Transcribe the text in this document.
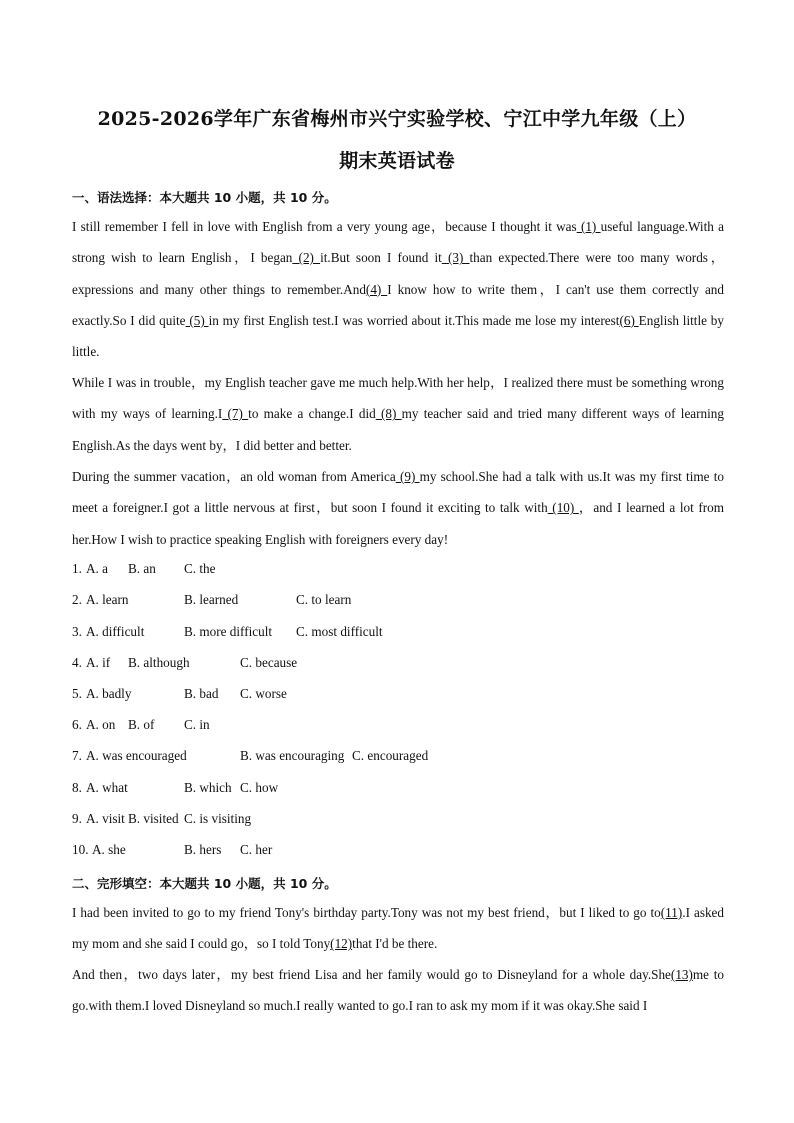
2025-2026学年广东省梅州市兴宁实验学校、宁江中学九年级（上）
期末英语试卷
一、语法选择：本大题共 10 小题，共 10 分。
I still remember I fell in love with English from a very young age，because I thought it was (1) useful language.With a strong wish to learn English，I began (2) it.But soon I found it (3) than expected.There were too many words，expressions and many other things to remember.And(4) I know how to write them，I can't use them correctly and exactly.So I did quite (5) in my first English test.I was worried about it.This made me lose my interest(6) English little by little.
While I was in trouble，my English teacher gave me much help.With her help，I realized there must be something wrong with my ways of learning.I (7) to make a change.I did (8) my teacher said and tried many different ways of learning English.As the days went by，I did better and better.
During the summer vacation，an old woman from America (9) my school.She had a talk with us.It was my first time to meet a foreigner.I got a little nervous at first，but soon I found it exciting to talk with (10) ，and I learned a lot from her.How I wish to practice speaking English with foreigners every day!
1. A. a B. an C. the
2. A. learn	B. learned	C. to learn
3. A. difficult	B. more difficult C. most difficult
4. A. if B. although	C. because
5. A. badly	B. bad C. worse
6. A. on B. of C. in
7. A. was encouraged	B. was encouraging C. encouraged
8. A. what	B. which C. how
9. A. visit B. visited C. is visiting
10. A. she	B. hers C. her
二、完形填空：本大题共 10 小题，共 10 分。
I had been invited to go to my friend Tony's birthday party.Tony was not my best friend，but I liked to go to(11).I asked my mom and she said I could go，so I told Tony(12)that I'd be there.
And then，two days later，my best friend Lisa and her family would go to Disneyland for a whole day.She(13)me to go.with them.I loved Disneyland so much.I really wanted to go.I ran to ask my mom if it was okay.She said I
